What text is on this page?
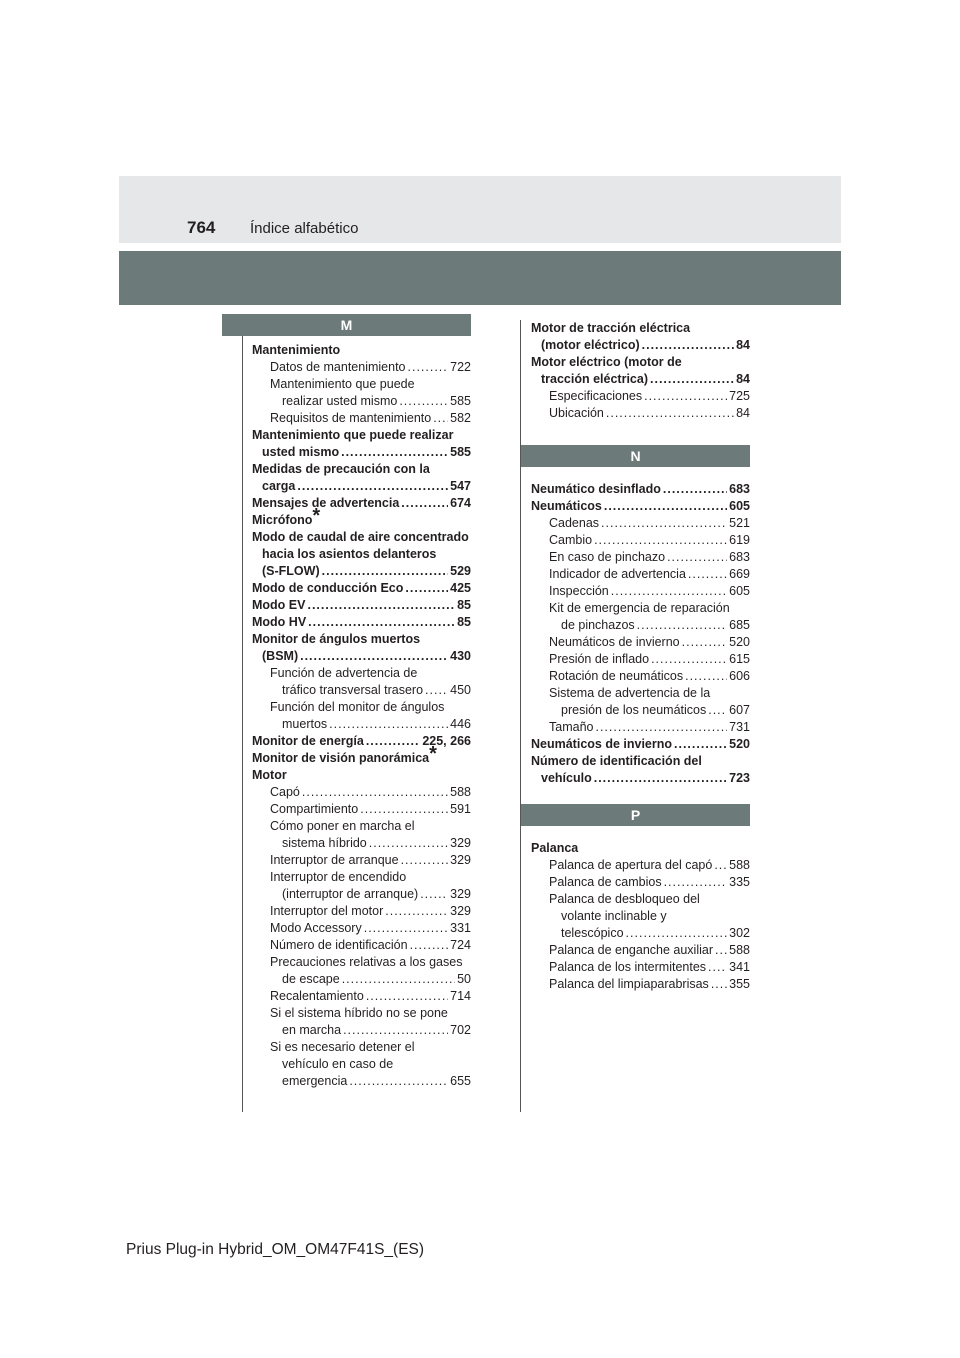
764 Índice alfabético
M
Mantenimiento
Datos de mantenimiento .....	722
Mantenimiento que puede
realizar usted mismo .....	585
Requisitos de mantenimiento ..... 582
Mantenimiento que puede realizar
usted mismo .....	585
Medidas de precaución con la
carga .....	547
Mensajes de advertencia .....	674
Micrófono*
Modo de caudal de aire concentrado
hacia los asientos delanteros
(S-FLOW) .....	529
Modo de conducción Eco .....	425
Modo EV .....	85
Modo HV .....	85
Monitor de ángulos muertos
(BSM) .....	430
Función de advertencia de
tráfico transversal trasero ..... 450
Función del monitor de ángulos
muertos .....	446
Monitor de energía .....	225, 266
Monitor de visión panorámica*
Motor
Capó .....	588
Compartimiento .....	591
Cómo poner en marcha el
sistema híbrido .....	329
Interruptor de arranque .....	329
Interruptor de encendido
(interruptor de arranque) .....	329
Interruptor del motor .....	329
Modo Accessory .....	331
Número de identificación .....	724
Precauciones relativas a los gases
de escape .....	50
Recalentamiento .....	714
Si el sistema híbrido no se pone
en marcha .....	702
Si es necesario detener el
vehículo en caso de
emergencia .....	655
Motor de tracción eléctrica
(motor eléctrico) .....	84
Motor eléctrico (motor de
tracción eléctrica) .....	84
Especificaciones .....	725
Ubicación .....	84
N
Neumático desinflado .....	683
Neumáticos .....	605
Cadenas .....	521
Cambio .....	619
En caso de pinchazo .....	683
Indicador de advertencia .....	669
Inspección .....	605
Kit de emergencia de reparación
de pinchazos .....	685
Neumáticos de invierno .....	520
Presión de inflado .....	615
Rotación de neumáticos .....	606
Sistema de advertencia de la
presión de los neumáticos ..... 607
Tamaño .....	731
Neumáticos de invierno .....	520
Número de identificación del
vehículo .....	723
P
Palanca
Palanca de apertura del capó ..... 588
Palanca de cambios .....	335
Palanca de desbloqueo del
volante inclinable y
telescópico .....	302
Palanca de enganche auxiliar ..... 588
Palanca de los intermitentes ..... 341
Palanca del limpiaparabrisas ..... 355
Prius Plug-in Hybrid_OM_OM47F41S_(ES)
